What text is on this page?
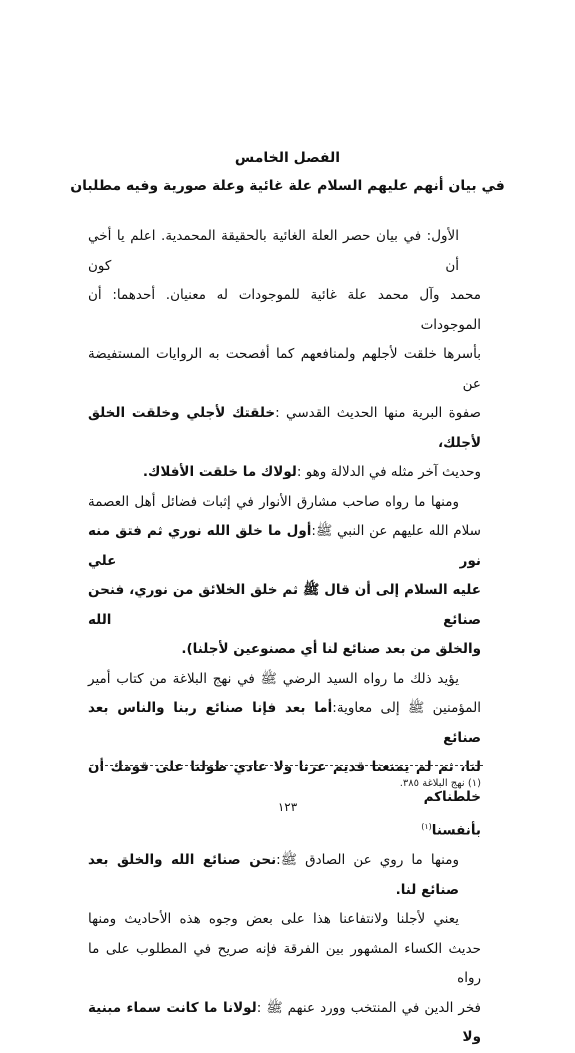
الفصل الخامس
في بيان أنهم عليهم السلام علة غائية وعلة صورية وفيه مطلبان

الأول: في بيان حصر العلة الغائية بالحقيقة المحمدية. اعلم يا أخي أن كون

محمد وآل محمد علة غائية للموجودات له معنيان. أحدهما: أن الموجودات

بأسرها خلقت لأجلهم ولمنافعهم كما أفصحت به الروايات المستفيضة عن

صفوة البرية منها الحديث القدسي :خلقتك لأجلي وخلقت الخلق لأجلك،

وحديث آخر مثله في الدلالة وهو :لولاك ما خلقت الأفلاك.

ومنها ما رواه صاحب مشارق الأنوار في إثبات فضائل أهل العصمة

سلام الله عليهم عن النبي ﷺ:أول ما خلق الله نوري ثم فتق منه نور علي

عليه السلام إلى أن قال ﷺ ثم خلق الخلائق من نوري، فنحن صنائع الله

والخلق من بعد صنائع لنا أي مصنوعين لأجلنا).

يؤيد ذلك ما رواه السيد الرضي ﷺ في نهج البلاغة من كتاب أمير

المؤمنين ﷺ إلى معاوية:أما بعد فإنا صنائع ربنا والناس بعد صنائع

لنا، ثم لم يمنعنا قديم عزنا ولا عادي طولنا على قومك أن خلطناكم

بأنفسنا$^{(١)}$

ومنها ما روي عن الصادق ﷺ:نحن صنائع الله والخلق بعد صنائع لنا.

يعني لأجلنا ولانتفاعنا هذا على بعض وجوه هذه الأحاديث ومنها

حديث الكساء المشهور بين الفرقة فإنه صريح في المطلوب على ما رواه

فخر الدين في المنتخب وورد عنهم ﷺ :لولانا ما كانت سماء مبنية ولا

(١) نهج البلاغة ٣٨٥.
١٢٣
